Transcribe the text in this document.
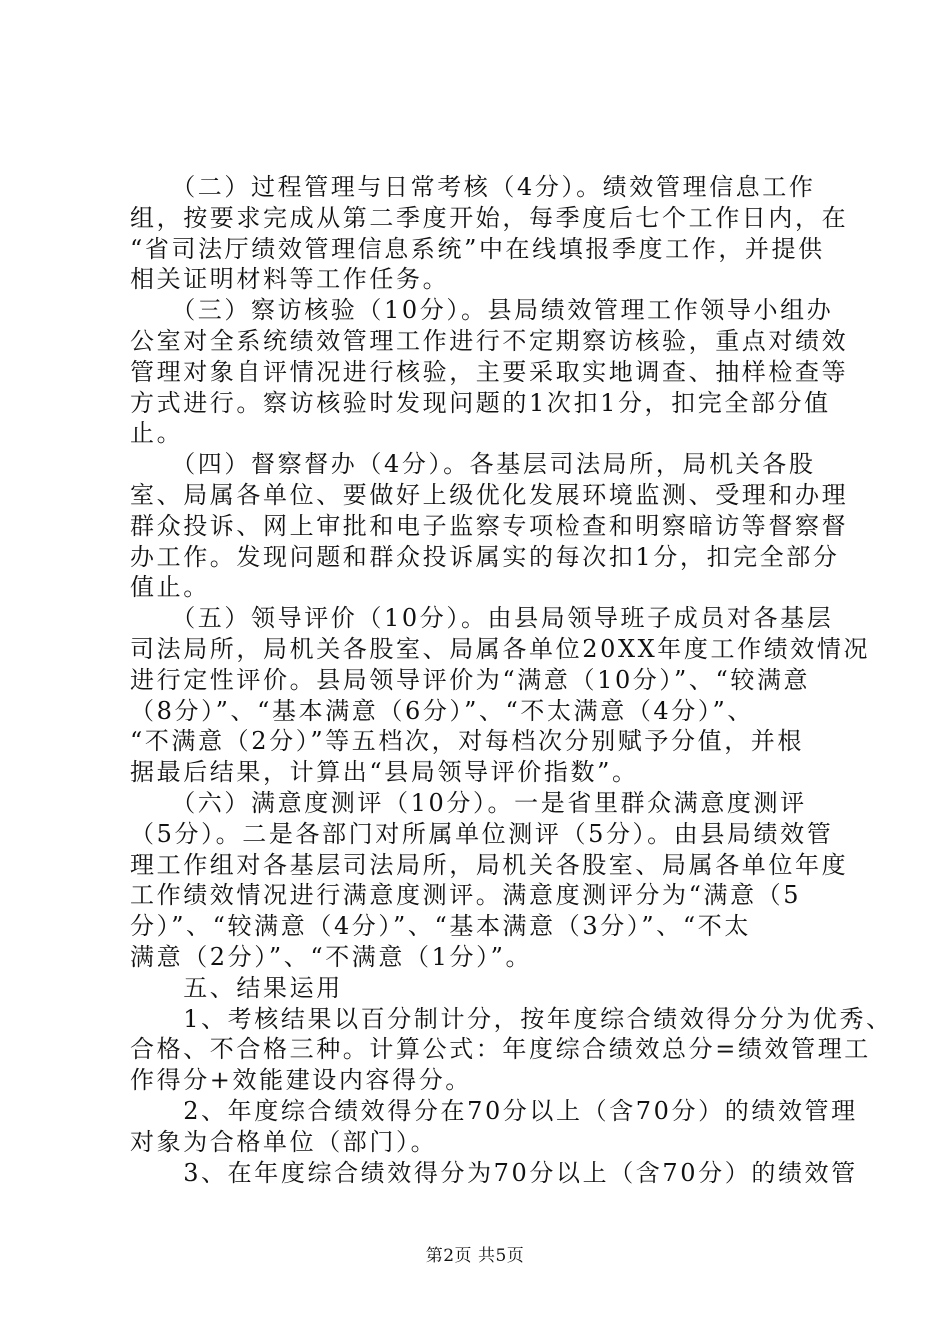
　　（二）过程管理与日常考核（4分）。绩效管理信息工作
组，按要求完成从第二季度开始，每季度后七个工作日内，在
“省司法厅绩效管理信息系统”中在线填报季度工作，并提供
相关证明材料等工作任务。
　　（三）察访核验（10分）。县局绩效管理工作领导小组办
公室对全系统绩效管理工作进行不定期察访核验，重点对绩效
管理对象自评情况进行核验，主要采取实地调查、抽样检查等
方式进行。察访核验时发现问题的1次扣1分，扣完全部分值
止。
　　（四）督察督办（4分）。各基层司法局所，局机关各股
室、局属各单位、要做好上级优化发展环境监测、受理和办理
群众投诉、网上审批和电子监察专项检查和明察暗访等督察督
办工作。发现问题和群众投诉属实的每次扣1分，扣完全部分
值止。
　　（五）领导评价（10分）。由县局领导班子成员对各基层
司法局所，局机关各股室、局属各单位20XX年度工作绩效情况
进行定性评价。县局领导评价为“满意（10分）”、“较满意
（8分）”、“基本满意（6分）”、“不太满意（4分）”、
“不满意（2分）”等五档次，对每档次分别赋予分值，并根
据最后结果，计算出“县局领导评价指数”。
　　（六）满意度测评（10分）。一是省里群众满意度测评
（5分）。二是各部门对所属单位测评（5分）。由县局绩效管
理工作组对各基层司法局所，局机关各股室、局属各单位年度
工作绩效情况进行满意度测评。满意度测评分为“满意（5
分）”、“较满意（4分）”、“基本满意（3分）”、“不太
满意（2分）”、“不满意（1分）”。
　　五、结果运用
　　1、考核结果以百分制计分，按年度综合绩效得分分为优秀、
合格、不合格三种。计算公式：年度综合绩效总分=绩效管理工
作得分+效能建设内容得分。
　　2、年度综合绩效得分在70分以上（含70分）的绩效管理
对象为合格单位（部门）。
　　3、在年度综合绩效得分为70分以上（含70分）的绩效管
第2页 共5页
